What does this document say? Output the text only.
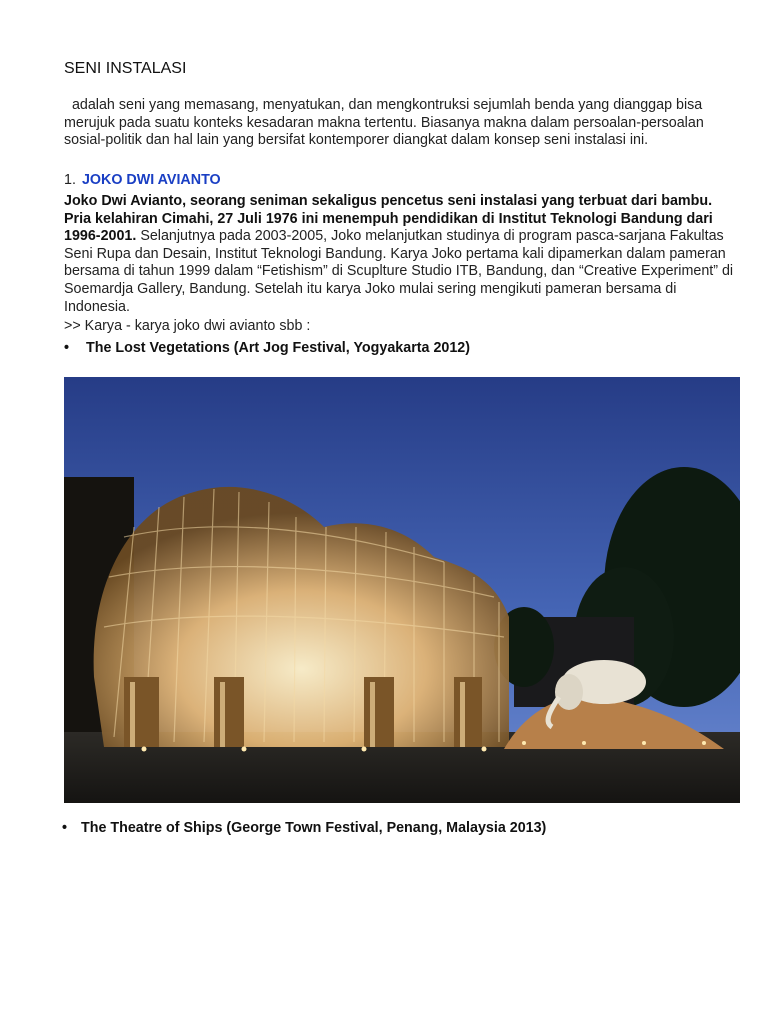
SENI INSTALASI
adalah seni yang memasang, menyatukan, dan mengkontruksi sejumlah benda yang dianggap bisa merujuk pada suatu konteks kesadaran makna tertentu. Biasanya makna dalam persoalan-persoalan sosial-politik dan hal lain yang bersifat kontemporer diangkat dalam konsep seni instalasi ini.
1. JOKO DWI AVIANTO
Joko Dwi Avianto, seorang seniman sekaligus pencetus seni instalasi yang terbuat dari bambu. Pria kelahiran Cimahi, 27 Juli 1976 ini menempuh pendidikan di Institut Teknologi Bandung dari 1996-2001. Selanjutnya pada 2003-2005, Joko melanjutkan studinya di program pasca-sarjana Fakultas Seni Rupa dan Desain, Institut Teknologi Bandung. Karya Joko pertama kali dipamerkan dalam pameran bersama di tahun 1999 dalam “Fetishism” di Scuplture Studio ITB, Bandung, dan “Creative Experiment” di Soemardja Gallery, Bandung. Setelah itu karya Joko mulai sering mengikuti pameran bersama di Indonesia.
>> Karya - karya joko dwi avianto sbb :
• The Lost Vegetations (Art Jog Festival, Yogyakarta 2012)
• The Theatre of Ships (George Town Festival, Penang, Malaysia 2013)
